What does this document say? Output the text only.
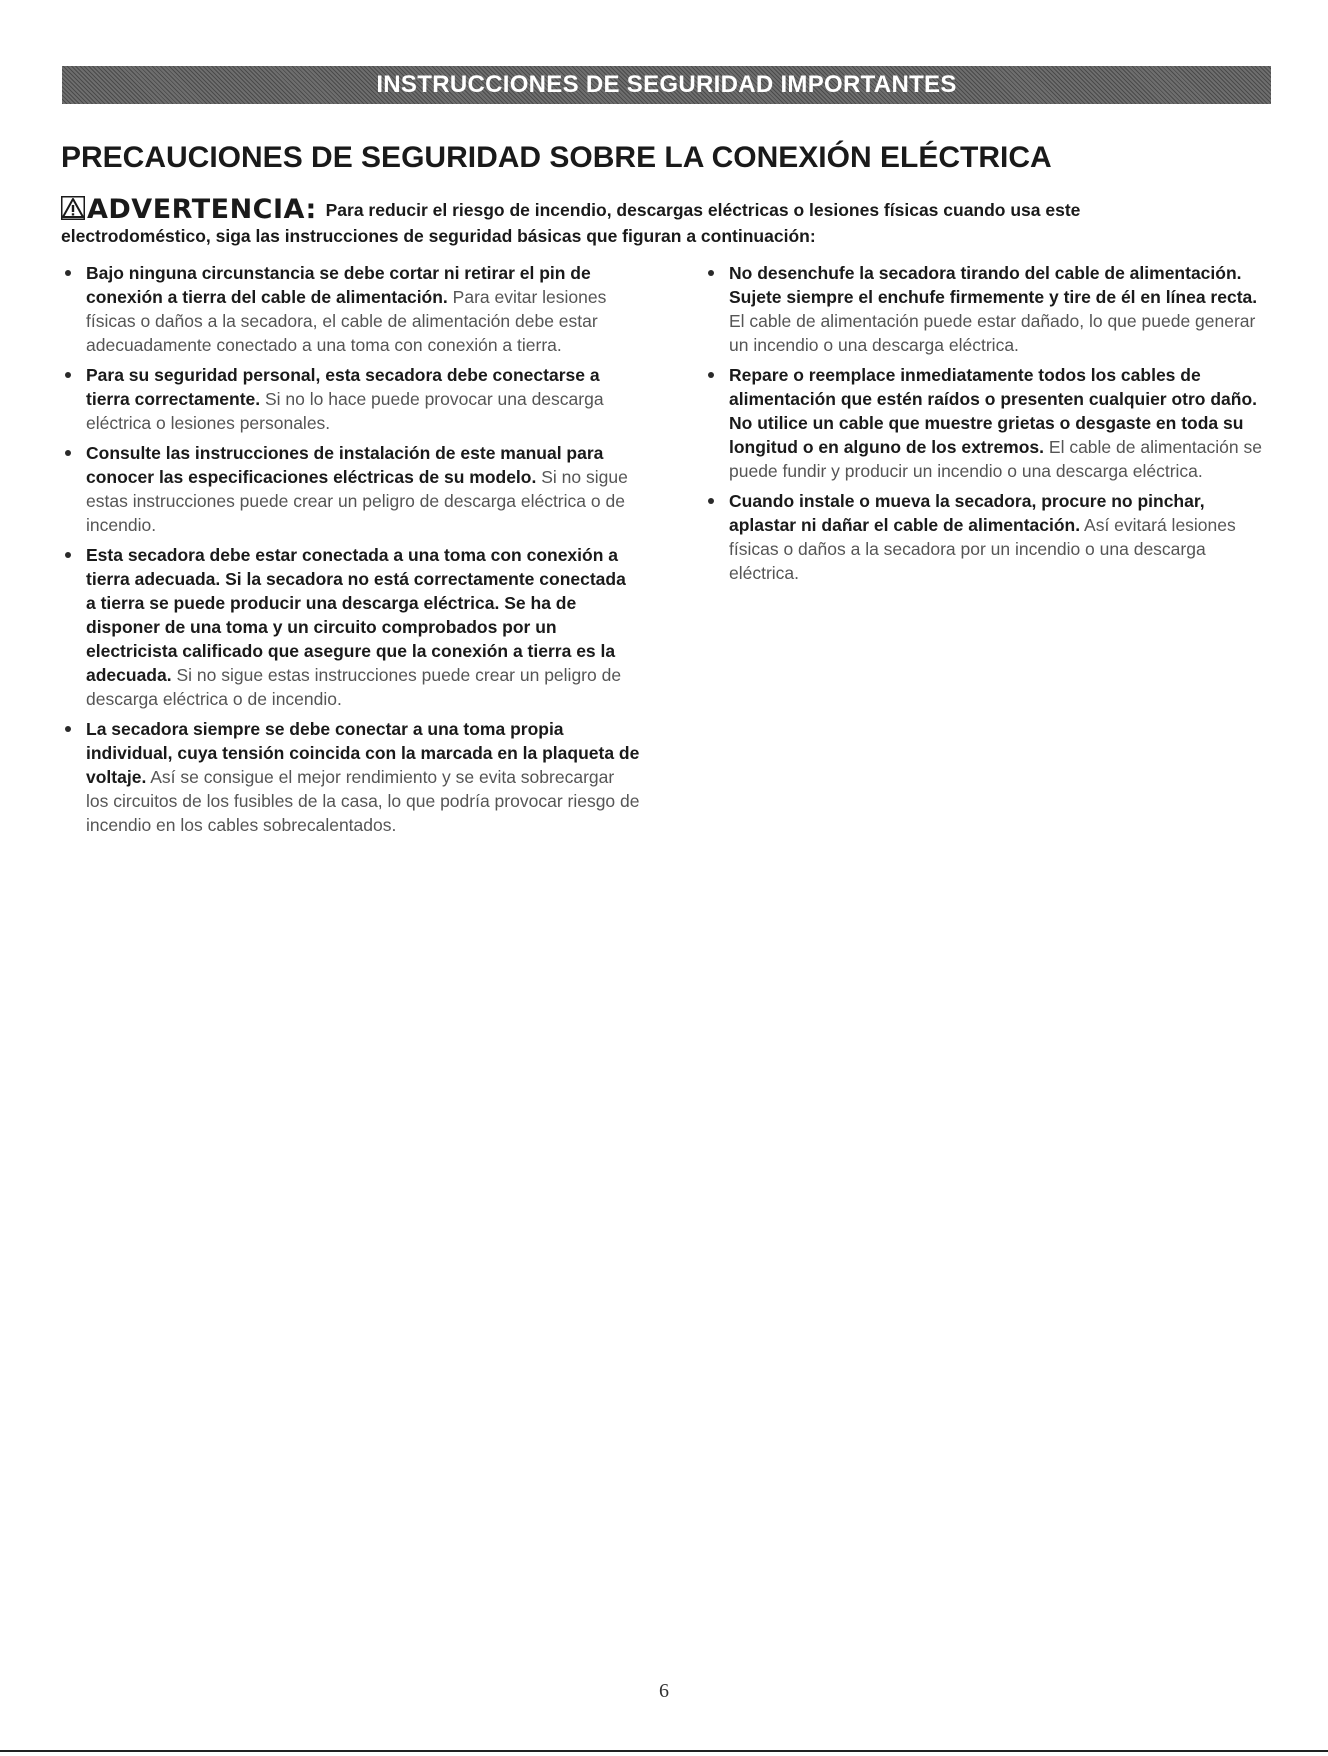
INSTRUCCIONES DE SEGURIDAD IMPORTANTES
PRECAUCIONES DE SEGURIDAD SOBRE LA CONEXIÓN ELÉCTRICA
ADVERTENCIA: Para reducir el riesgo de incendio, descargas eléctricas o lesiones físicas cuando usa este electrodoméstico, siga las instrucciones de seguridad básicas que figuran a continuación:
Bajo ninguna circunstancia se debe cortar ni retirar el pin de conexión a tierra del cable de alimentación. Para evitar lesiones físicas o daños a la secadora, el cable de alimentación debe estar adecuadamente conectado a una toma con conexión a tierra.
Para su seguridad personal, esta secadora debe conectarse a tierra correctamente. Si no lo hace puede provocar una descarga eléctrica o lesiones personales.
Consulte las instrucciones de instalación de este manual para conocer las especificaciones eléctricas de su modelo. Si no sigue estas instrucciones puede crear un peligro de descarga eléctrica o de incendio.
Esta secadora debe estar conectada a una toma con conexión a tierra adecuada. Si la secadora no está correctamente conectada a tierra se puede producir una descarga eléctrica. Se ha de disponer de una toma y un circuito comprobados por un electricista calificado que asegure que la conexión a tierra es la adecuada. Si no sigue estas instrucciones puede crear un peligro de descarga eléctrica o de incendio.
La secadora siempre se debe conectar a una toma propia individual, cuya tensión coincida con la marcada en la plaqueta de voltaje. Así se consigue el mejor rendimiento y se evita sobrecargar los circuitos de los fusibles de la casa, lo que podría provocar riesgo de incendio en los cables sobrecalentados.
No desenchufe la secadora tirando del cable de alimentación. Sujete siempre el enchufe firmemente y tire de él en línea recta. El cable de alimentación puede estar dañado, lo que puede generar un incendio o una descarga eléctrica.
Repare o reemplace inmediatamente todos los cables de alimentación que estén raídos o presenten cualquier otro daño. No utilice un cable que muestre grietas o desgaste en toda su longitud o en alguno de los extremos. El cable de alimentación se puede fundir y producir un incendio o una descarga eléctrica.
Cuando instale o mueva la secadora, procure no pinchar, aplastar ni dañar el cable de alimentación. Así evitará lesiones físicas o daños a la secadora por un incendio o una descarga eléctrica.
6
